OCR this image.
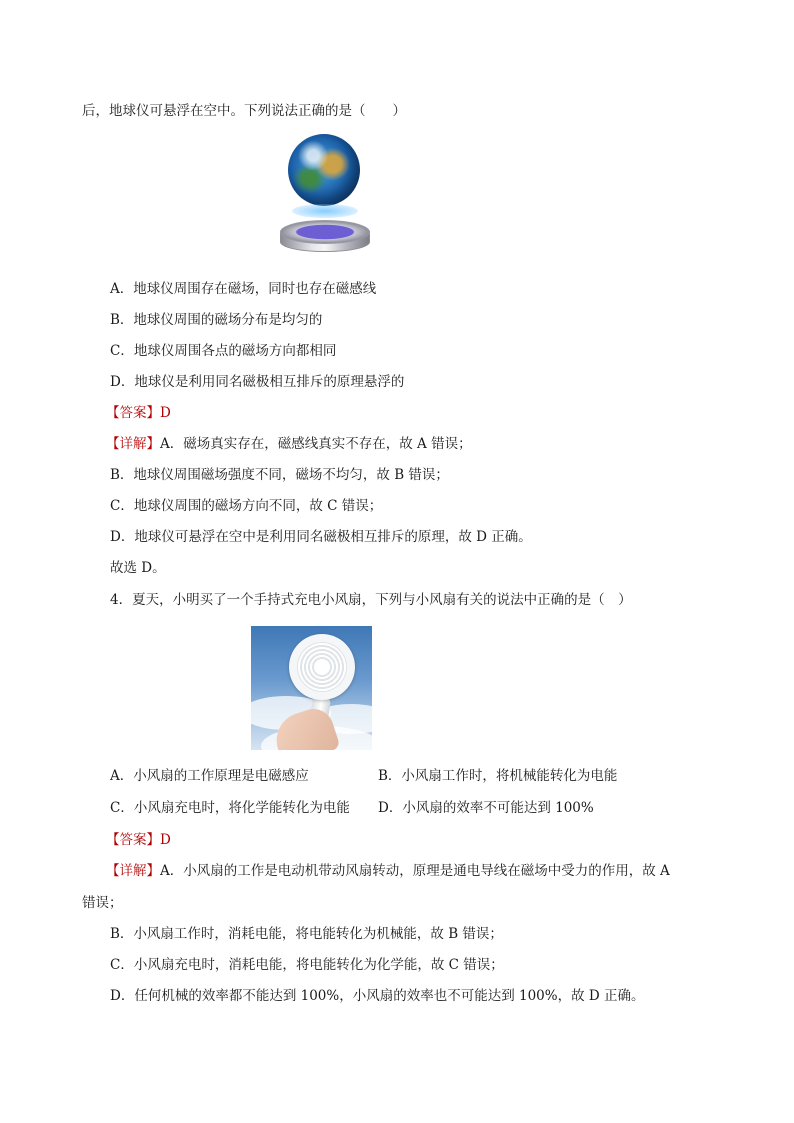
后，地球仪可悬浮在空中。下列说法正确的是（　　）
A．地球仪周围存在磁场，同时也存在磁感线
B．地球仪周围的磁场分布是均匀的
C．地球仪周围各点的磁场方向都相同
D．地球仪是利用同名磁极相互排斥的原理悬浮的
【答案】D
【详解】A．磁场真实存在，磁感线真实不存在，故 A 错误；
B．地球仪周围磁场强度不同，磁场不均匀，故 B 错误；
C．地球仪周围的磁场方向不同，故 C 错误；
D．地球仪可悬浮在空中是利用同名磁极相互排斥的原理，故 D 正确。
故选 D。
4．夏天，小明买了一个手持式充电小风扇，下列与小风扇有关的说法中正确的是（　）
A．小风扇的工作原理是电磁感应	B．小风扇工作时，将机械能转化为电能
C．小风扇充电时，将化学能转化为电能 D．小风扇的效率不可能达到 100%
【答案】D
【详解】A．小风扇的工作是电动机带动风扇转动，原理是通电导线在磁场中受力的作用，故 A
错误；
B．小风扇工作时，消耗电能，将电能转化为机械能，故 B 错误；
C．小风扇充电时，消耗电能，将电能转化为化学能，故 C 错误；
D．任何机械的效率都不能达到 100%，小风扇的效率也不可能达到 100%，故 D 正确。
